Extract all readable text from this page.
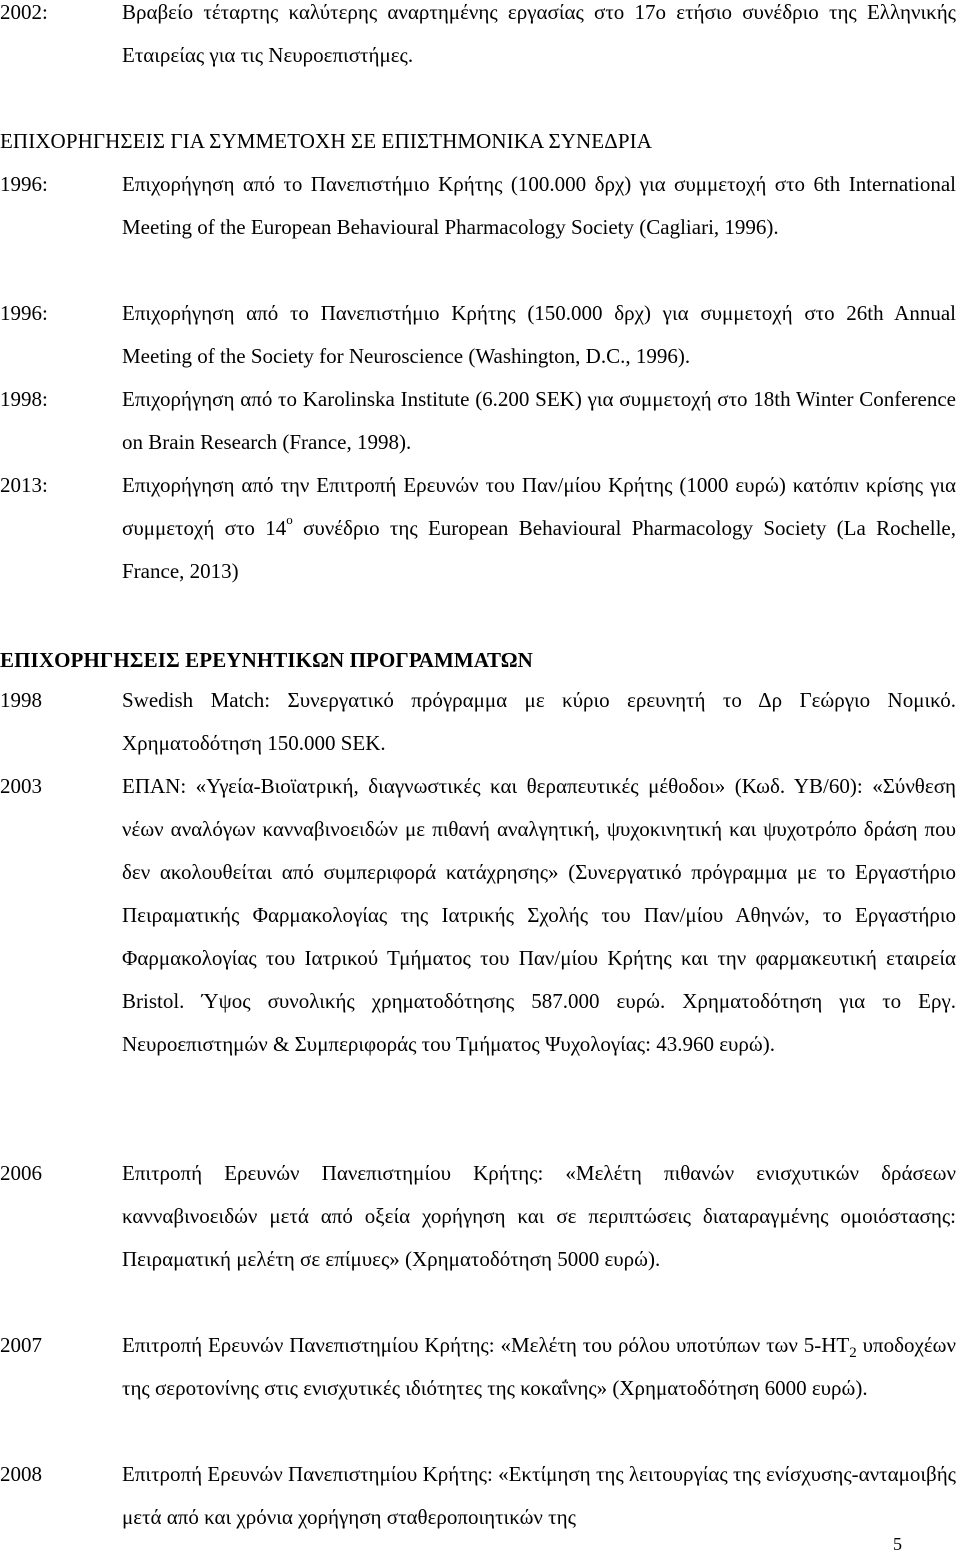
2002:	Βραβείο τέταρτης καλύτερης αναρτημένης εργασίας στο 17ο ετήσιο συνέδριο της Ελληνικής Εταιρείας για τις Νευροεπιστήμες.
ΕΠΙΧΟΡΗΓΗΣΕΙΣ ΓΙΑ ΣΥΜΜΕΤΟΧΗ ΣΕ ΕΠΙΣΤΗΜΟΝΙΚΑ ΣΥΝΕΔΡΙΑ
1996:	Επιχορήγηση από το Πανεπιστήμιο Κρήτης (100.000 δρχ) για συμμετοχή στο 6th International Meeting of the European Behavioural Pharmacology Society (Cagliari, 1996).
1996:	Επιχορήγηση από το Πανεπιστήμιο Κρήτης (150.000 δρχ) για συμμετοχή στο 26th Annual Meeting of the Society for Neuroscience (Washington, D.C., 1996).
1998:	Επιχορήγηση από το Karolinska Institute (6.200 SEK) για συμμετοχή στο 18th Winter Conference on Brain Research (France, 1998).
2013:	Επιχορήγηση από την Επιτροπή Ερευνών του Παν/μίου Κρήτης (1000 ευρώ) κατόπιν κρίσης για συμμετοχή στο $14^o$ συνέδριο της European Behavioural Pharmacology Society (La Rochelle, France, 2013)
ΕΠΙΧΟΡΗΓΗΣΕΙΣ ΕΡΕΥΝΗΤΙΚΩΝ ΠΡΟΓΡΑΜΜΑΤΩΝ
1998	Swedish Match: Συνεργατικό πρόγραμμα με κύριο ερευνητή το Δρ Γεώργιο Νομικό. Χρηματοδότηση 150.000 SEK.
2003	ΕΠΑΝ: «Υγεία-Βιοϊατρική, διαγνωστικές και θεραπευτικές μέθοδοι» (Κωδ. ΥΒ/60): «Σύνθεση νέων αναλόγων κανναβινοειδών με πιθανή αναλγητική, ψυχοκινητική και ψυχοτρόπο δράση που δεν ακολουθείται από συμπεριφορά κατάχρησης» (Συνεργατικό πρόγραμμα με το Εργαστήριο Πειραματικής Φαρμακολογίας της Ιατρικής Σχολής του Παν/μίου Αθηνών, το Εργαστήριο Φαρμακολογίας του Ιατρικού Τμήματος του Παν/μίου Κρήτης και την φαρμακευτική εταιρεία Bristol. Ύψος συνολικής χρηματοδότησης 587.000 ευρώ. Χρηματοδότηση για το Εργ. Νευροεπιστημών & Συμπεριφοράς του Τμήματος Ψυχολογίας: 43.960 ευρώ).
2006	Επιτροπή Ερευνών Πανεπιστημίου Κρήτης: «Μελέτη πιθανών ενισχυτικών δράσεων κανναβινοειδών μετά από οξεία χορήγηση και σε περιπτώσεις διαταραγμένης ομοιόστασης: Πειραματική μελέτη σε επίμυες» (Χρηματοδότηση 5000 ευρώ).
2007	Επιτροπή Ερευνών Πανεπιστημίου Κρήτης: «Μελέτη του ρόλου υποτύπων των $5-HT_2$ υποδοχέων της σεροτονίνης στις ενισχυτικές ιδιότητες της κοκαΐνης» (Χρηματοδότηση 6000 ευρώ).
2008	Επιτροπή Ερευνών Πανεπιστημίου Κρήτης: «Εκτίμηση της λειτουργίας της ενίσχυσης-ανταμοιβής μετά από και χρόνια χορήγηση σταθεροποιητικών της
5
